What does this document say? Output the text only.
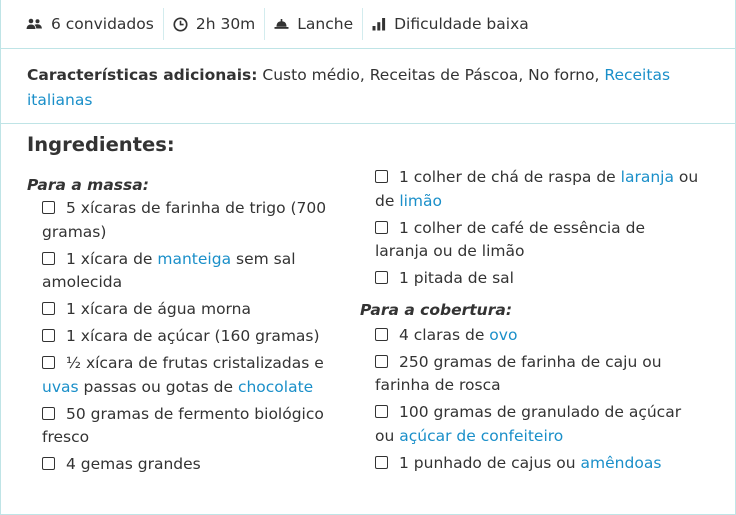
6 convidados	2h 30m	Lanche	Dificuldade baixa
Características adicionais: Custo médio, Receitas de Páscoa, No forno, Receitas italianas
Ingredientes:
Para a massa:
5 xícaras de farinha de trigo (700 gramas)
1 xícara de manteiga sem sal amolecida
1 xícara de água morna
1 xícara de açúcar (160 gramas)
½ xícara de frutas cristalizadas e uvas passas ou gotas de chocolate
50 gramas de fermento biológico fresco
4 gemas grandes
1 colher de chá de raspa de laranja ou de limão
1 colher de café de essência de laranja ou de limão
1 pitada de sal
Para a cobertura:
4 claras de ovo
250 gramas de farinha de caju ou farinha de rosca
100 gramas de granulado de açúcar ou açúcar de confeiteiro
1 punhado de cajus ou amêndoas
